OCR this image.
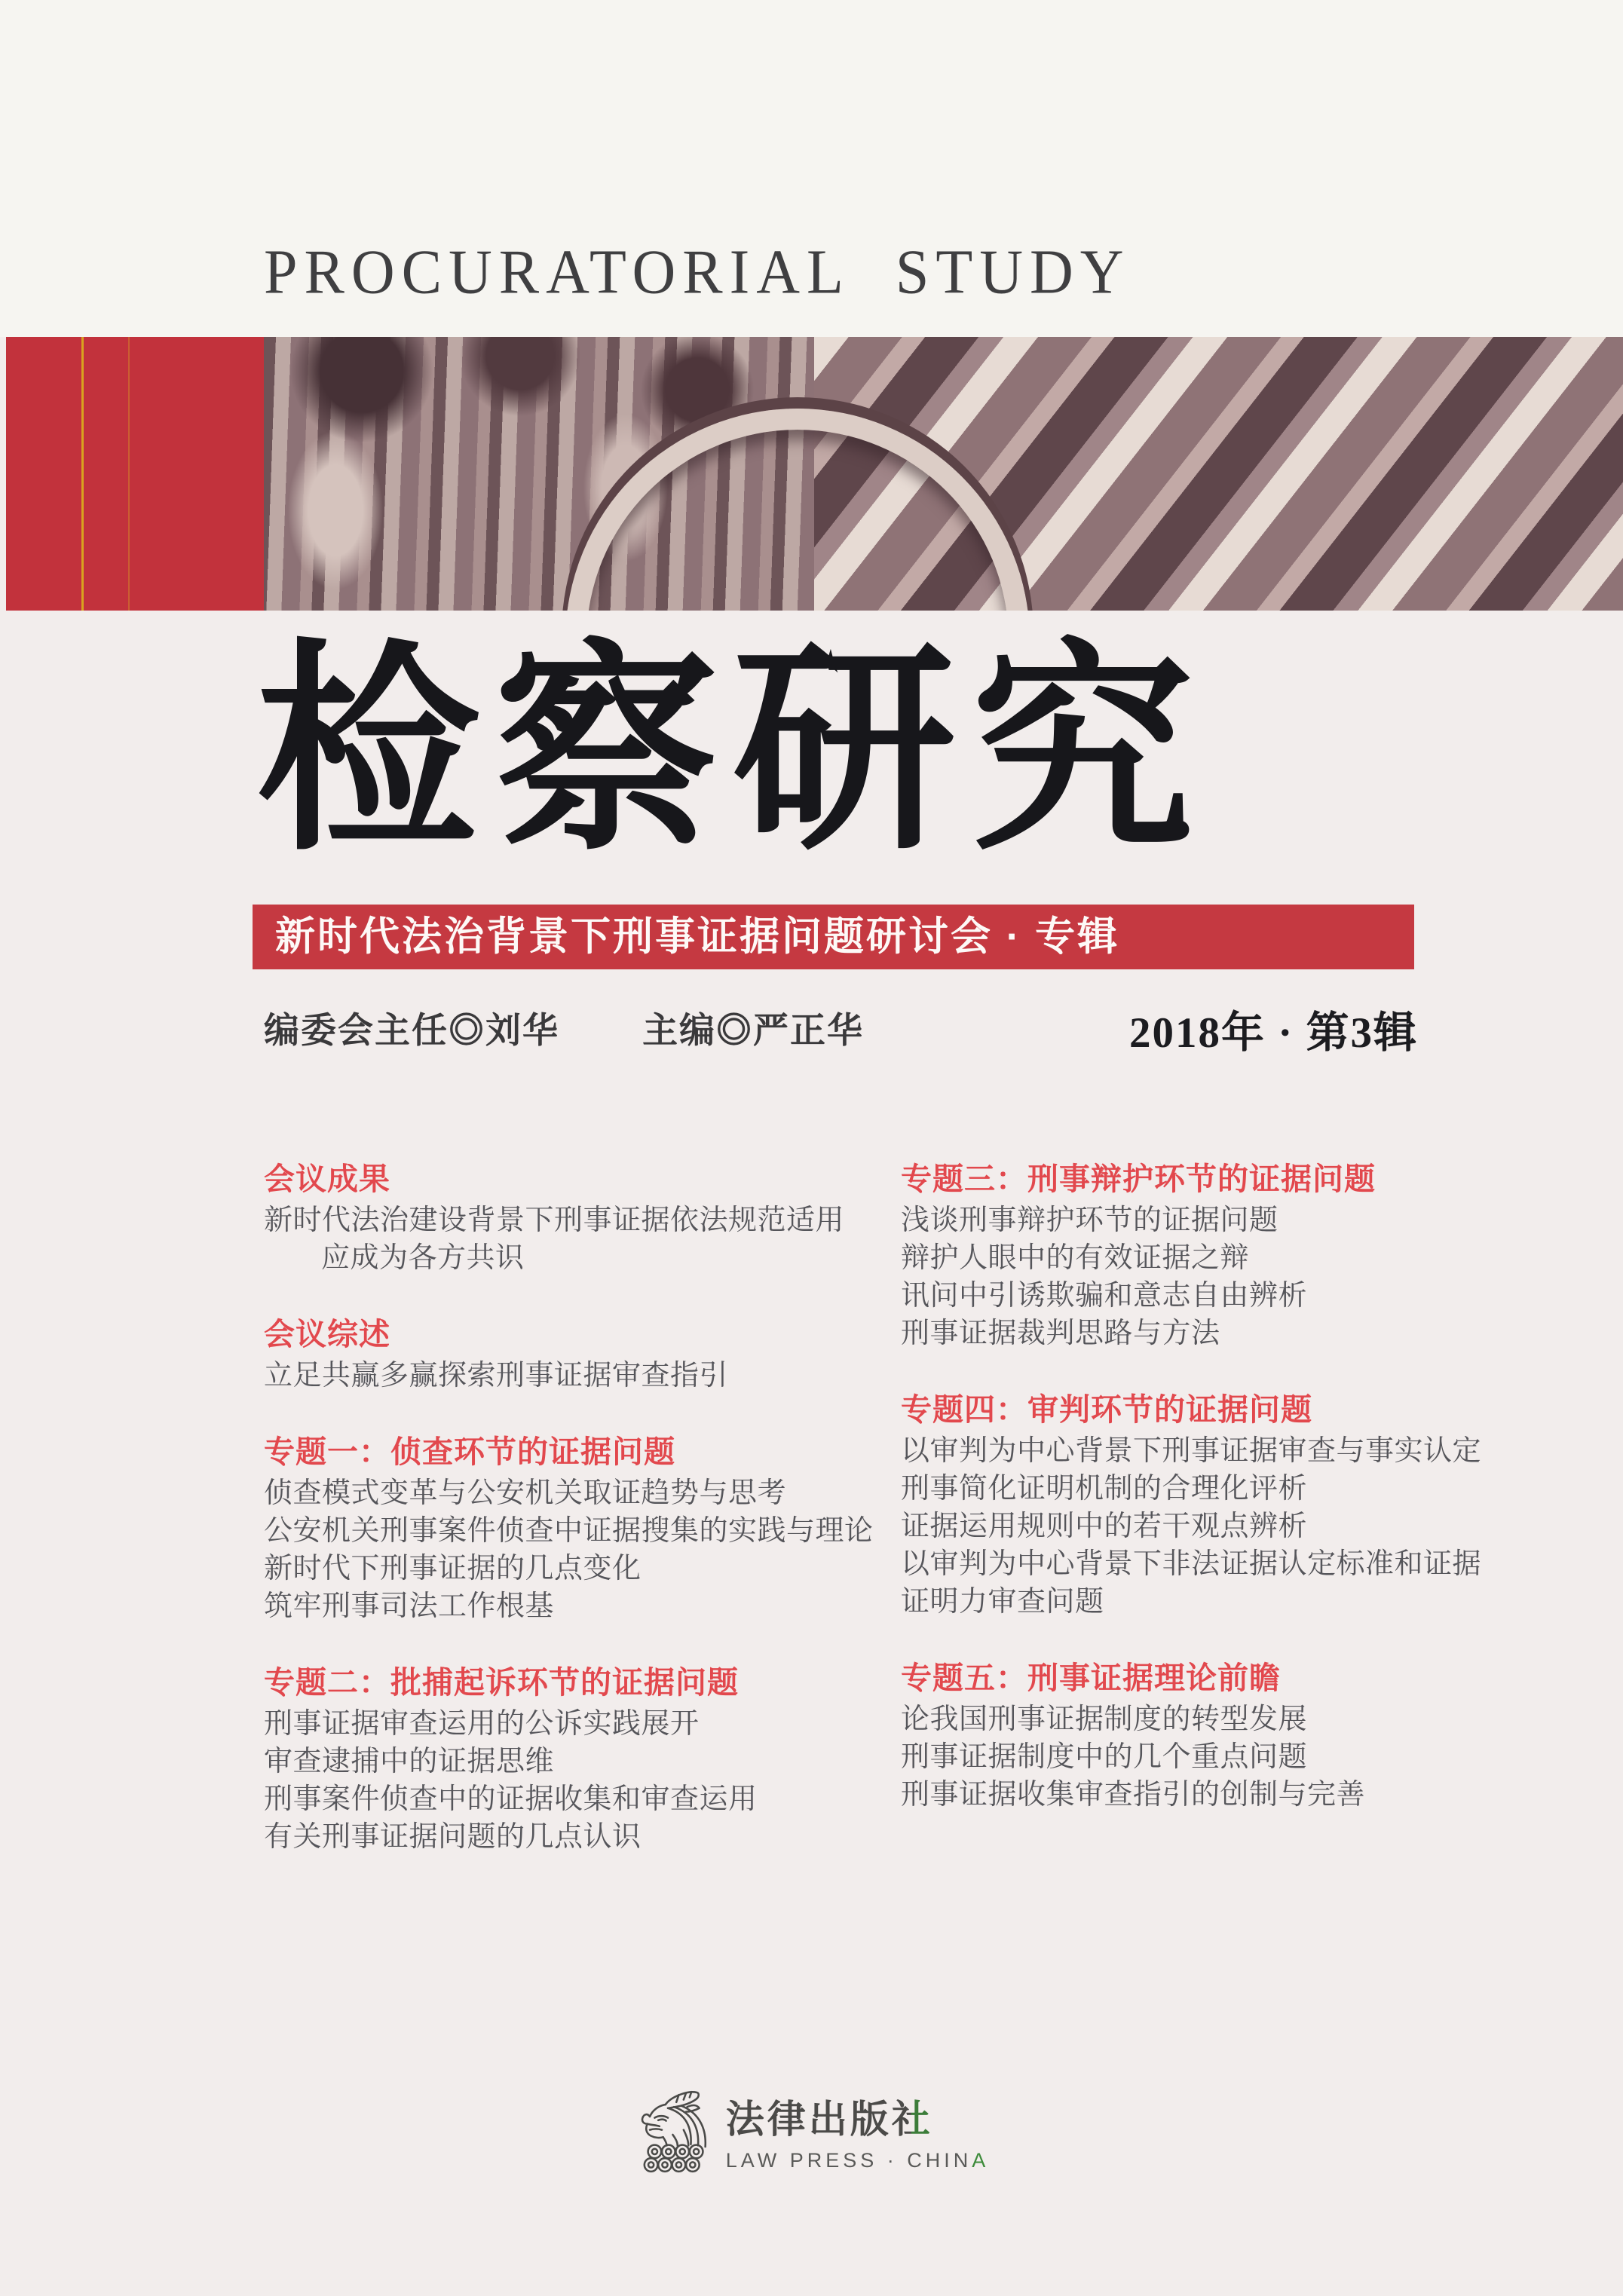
PROCURATORIAL STUDY
检察研究
新时代法治背景下刑事证据问题研讨会 · 专辑
编委会主任◎刘华 主编◎严正华	2018年 · 第3辑
会议成果
新时代法治建设背景下刑事证据依法规范适用
应成为各方共识
会议综述
立足共赢多赢探索刑事证据审查指引
专题一：侦查环节的证据问题
侦查模式变革与公安机关取证趋势与思考
公安机关刑事案件侦查中证据搜集的实践与理论
新时代下刑事证据的几点变化
筑牢刑事司法工作根基
专题二：批捕起诉环节的证据问题
刑事证据审查运用的公诉实践展开
审查逮捕中的证据思维
刑事案件侦查中的证据收集和审查运用
有关刑事证据问题的几点认识
专题三：刑事辩护环节的证据问题
浅谈刑事辩护环节的证据问题
辩护人眼中的有效证据之辩
讯问中引诱欺骗和意志自由辨析
刑事证据裁判思路与方法
专题四：审判环节的证据问题
以审判为中心背景下刑事证据审查与事实认定
刑事简化证明机制的合理化评析
证据运用规则中的若干观点辨析
以审判为中心背景下非法证据认定标准和证据
证明力审查问题
专题五：刑事证据理论前瞻
论我国刑事证据制度的转型发展
刑事证据制度中的几个重点问题
刑事证据收集审查指引的创制与完善
法律出版社
LAW PRESS · CHINA
